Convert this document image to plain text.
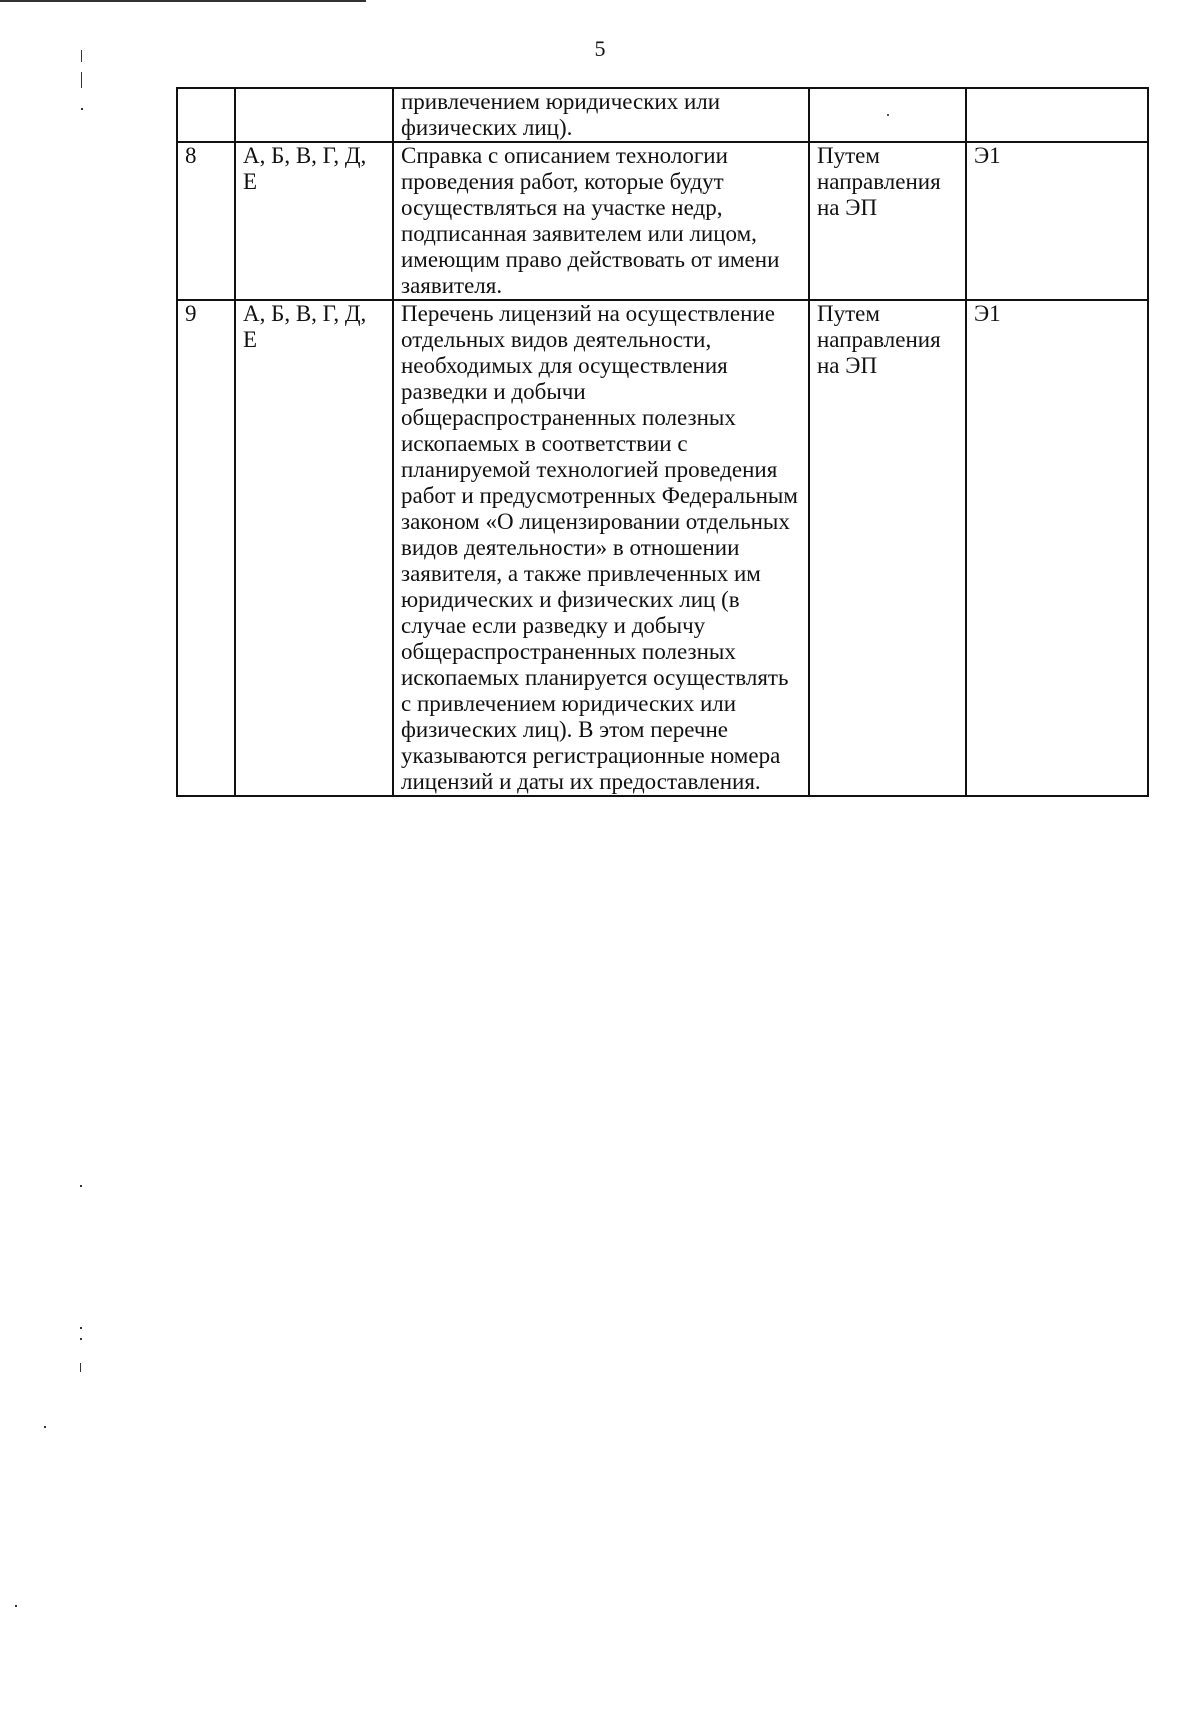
5
		привлечением юридических или физических лиц).		
8	А, Б, В, Г, Д, Е	Справка с описанием технологии проведения работ, которые будут осуществляться на участке недр, подписанная заявителем или лицом, имеющим право действовать от имени заявителя.	Путем направления на ЭП	Э1
9	А, Б, В, Г, Д, Е	Перечень лицензий на осуществление отдельных видов деятельности, необходимых для осуществления разведки и добычи общераспространенных полезных ископаемых в соответствии с планируемой технологией проведения работ и предусмотренных Федеральным законом «О лицензировании отдельных видов деятельности» в отношении заявителя, а также привлеченных им юридических и физических лиц (в случае если разведку и добычу общераспространенных полезных ископаемых планируется осуществлять с привлечением юридических или физических лиц). В этом перечне указываются регистрационные номера лицензий и даты их предоставления.	Путем направления на ЭП	Э1
